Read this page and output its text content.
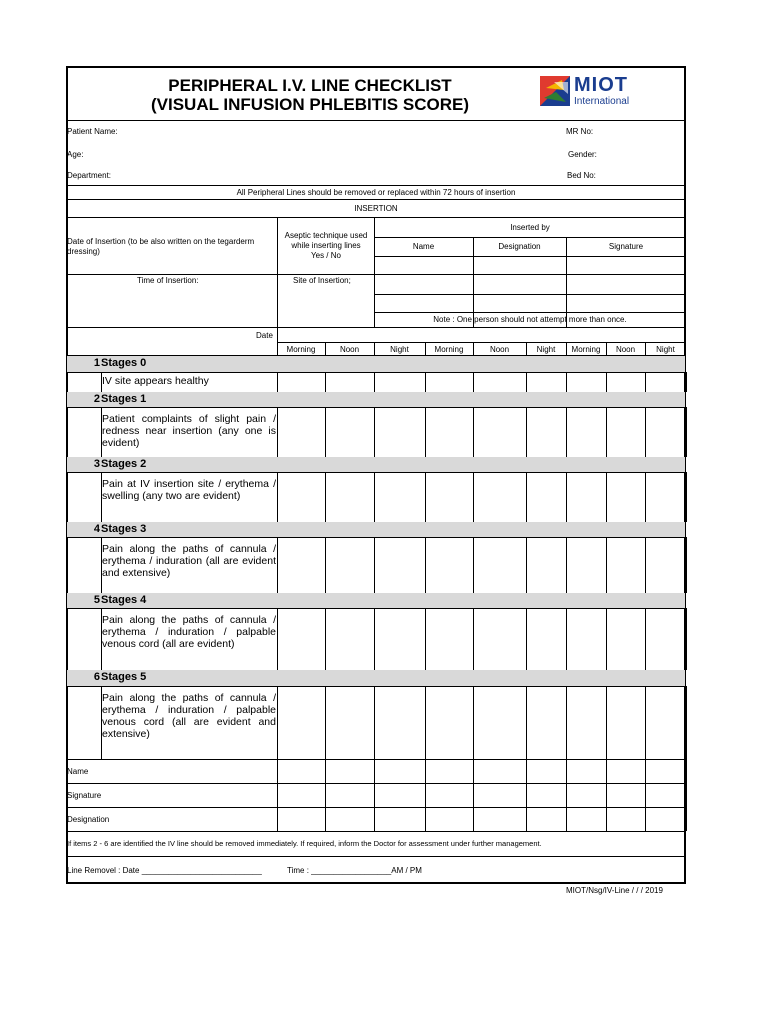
PERIPHERAL I.V. LINE CHECKLIST
(VISUAL INFUSION PHLEBITIS SCORE)
MIOT
International
Patient Name:
Age:
Department:
MR No:
Gender:
Bed No:
All Peripheral Lines should be removed or replaced within 72 hours of insertion
INSERTION
Date of Insertion (to be also written on the tegarderm dressing)
Aseptic technique used while inserting lines
Yes / No
Inserted by
Name	Designation	Signature
Time of Insertion:	Site of Insertion;
Note : One person should not attempt more than once.
Date
Morning	Noon	Night	Morning	Noon	Night	Morning	Noon	Night
1 Stages 0
IV site appears healthy
2 Stages 1
Patient complaints of slight pain / redness near insertion (any one is evident)
3 Stages 2
Pain at IV insertion site / erythema / swelling (any two are evident)
4 Stages 3
Pain along the paths of cannula / erythema / induration (all are evident and extensive)
5 Stages 4
Pain along the paths of cannula / erythema / induration / palpable venous cord (all are evident)
6 Stages 5
Pain along the paths of cannula / erythema / induration / palpable venous cord (all are evident and extensive)
Name
Signature
Designation
If items 2 - 6 are identified the IV line should be removed immediately. If required, inform the Doctor for assessment under further management.
Line Removel : Date ___________________________	Time : __________________AM / PM
MIOT/Nsg/IV-Line / / / 2019
